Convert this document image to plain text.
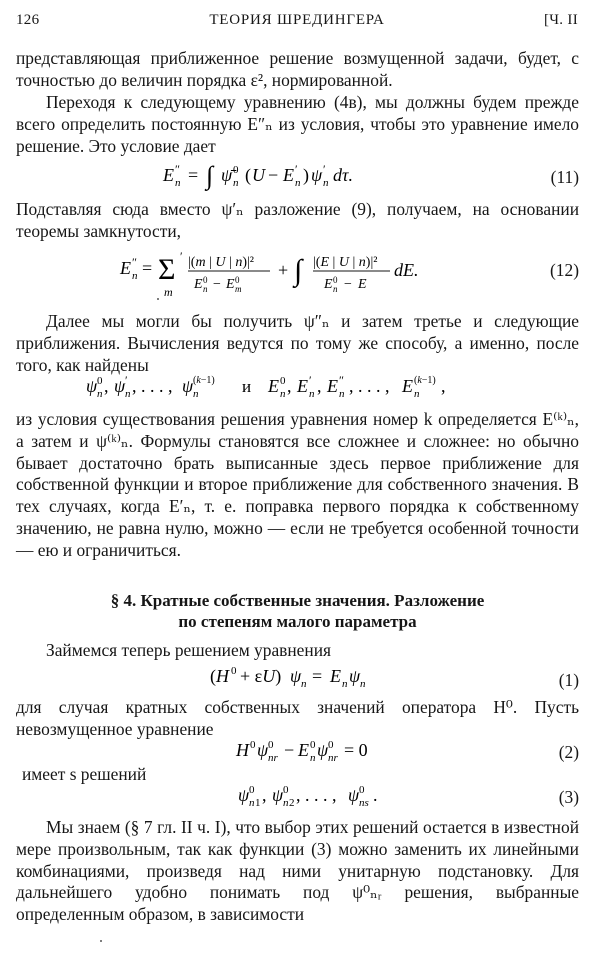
126	ТЕОРИЯ ШРЕДИНГЕРА	[Ч. II
представляющая приближенное решение возмущенной задачи, будет, с точностью до величин порядка ε², нормированной.
Переходя к следующему уравнению (4в), мы должны будем прежде всего определить постоянную E″ₙ из условия, чтобы это уравнение имело решение. Это условие дает
E ″
n = ∫ ψ̄ 0
n ( U − E ′
n ) ψ ′
n dτ.	(11)
Подставляя сюда вместо ψ′ₙ разложение (9), получаем, на основании теоремы замкнутости,
E ″
n = Σ ′
m
|(m | U | n)|²
E 0
n − E 0
m
+ ∫ |(E | U | n)|²
E 0
n − E
dE.	(12)
Далее мы могли бы получить ψ″ₙ и затем третье и следующие приближения. Вычисления ведутся по тому же способу, а именно, после того, как найдены
ψ 0
n , ψ ′
n , . . . , ψ (k−1)
n	и E 0
n , E ′
n , E ″
n , . . . , E (k−1)
n ,
из условия существования решения уравнения номер k определяется E⁽ᵏ⁾ₙ, а затем и ψ⁽ᵏ⁾ₙ. Формулы становятся все сложнее и сложнее: но обычно бывает достаточно брать выписанные здесь первое приближение для собственной функции и второе приближение для собственного значения. В тех случаях, когда E′ₙ, т. е. поправка первого порядка к собственному значению, не равна нулю, можно — если не требуется особенной точности — ею и ограничиться.
§ 4. Кратные собственные значения. Разложение
по степеням малого параметра
Займемся теперь решением уравнения
(H 0 + εU) ψ n = E n ψ n	(1)
для случая кратных собственных значений оператора H⁰. Пусть невозмущенное уравнение
H 0 ψ 0
nr − E 0
n ψ 0
nr = 0	(2)
имеет s решений
ψ 0
n 1 , ψ 0
n 2 , . . . , ψ 0
ns .	(3)
Мы знаем (§ 7 гл. II ч. I), что выбор этих решений остается в известной мере произвольным, так как функции (3) можно заменить их линейными комбинациями, произведя над ними унитарную подстановку. Для дальнейшего удобно понимать под ψ⁰ₙᵣ решения, выбранные определенным образом, в зависимости
